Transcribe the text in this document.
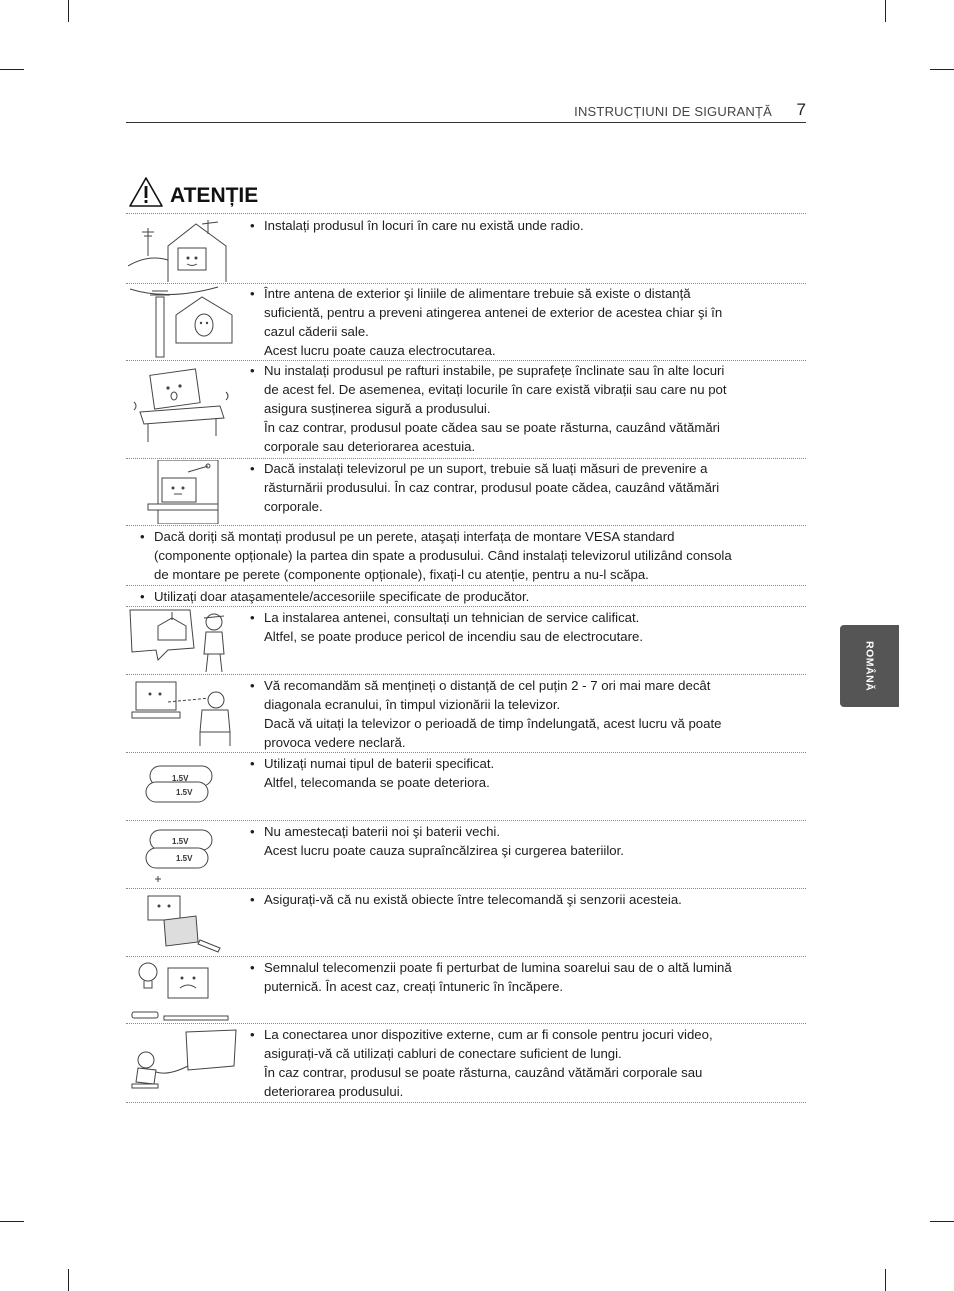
INSTRUCȚIUNI DE SIGURANȚĂ 7
ROMÂNĂ
ATENȚIE
1.5V
1.5V
1.5V
1.5V
• Instalați produsul în locuri în care nu există unde radio.
• Între antena de exterior şi liniile de alimentare trebuie să existe o distanță
suficientă, pentru a preveni atingerea antenei de exterior de acestea chiar şi în
cazul căderii sale.
Acest lucru poate cauza electrocutarea.
• Nu instalați produsul pe rafturi instabile, pe suprafețe înclinate sau în alte locuri
de acest fel. De asemenea, evitați locurile în care există vibrații sau care nu pot
asigura susținerea sigură a produsului.
În caz contrar, produsul poate cădea sau se poate răsturna, cauzând vătămări
corporale sau deteriorarea acestuia.
• Dacă instalați televizorul pe un suport, trebuie să luați măsuri de prevenire a
răsturnării produsului. În caz contrar, produsul poate cădea, cauzând vătămări
corporale.
• Dacă doriți să montați produsul pe un perete, ataşați interfața de montare VESA standard
(componente opționale) la partea din spate a produsului. Când instalați televizorul utilizând consola
de montare pe perete (componente opționale), fixați-l cu atenție, pentru a nu-l scăpa.
• Utilizați doar ataşamentele/accesoriile specificate de producător.
• La instalarea antenei, consultați un tehnician de service calificat.
Altfel, se poate produce pericol de incendiu sau de electrocutare.
• Vă recomandăm să mențineți o distanță de cel puțin 2 - 7 ori mai mare decât
diagonala ecranului, în timpul vizionării la televizor.
Dacă vă uitați la televizor o perioadă de timp îndelungată, acest lucru vă poate
provoca vedere neclară.
• Utilizați numai tipul de baterii specificat.
Altfel, telecomanda se poate deteriora.
• Nu amestecați baterii noi şi baterii vechi.
Acest lucru poate cauza supraîncălzirea şi curgerea bateriilor.
• Asigurați-vă că nu există obiecte între telecomandă şi senzorii acesteia.
• Semnalul telecomenzii poate fi perturbat de lumina soarelui sau de o altă lumină
puternică. În acest caz, creați întuneric în încăpere.
• La conectarea unor dispozitive externe, cum ar fi console pentru jocuri video,
asigurați-vă că utilizați cabluri de conectare suficient de lungi.
În caz contrar, produsul se poate răsturna, cauzând vătămări corporale sau
deteriorarea produsului.
